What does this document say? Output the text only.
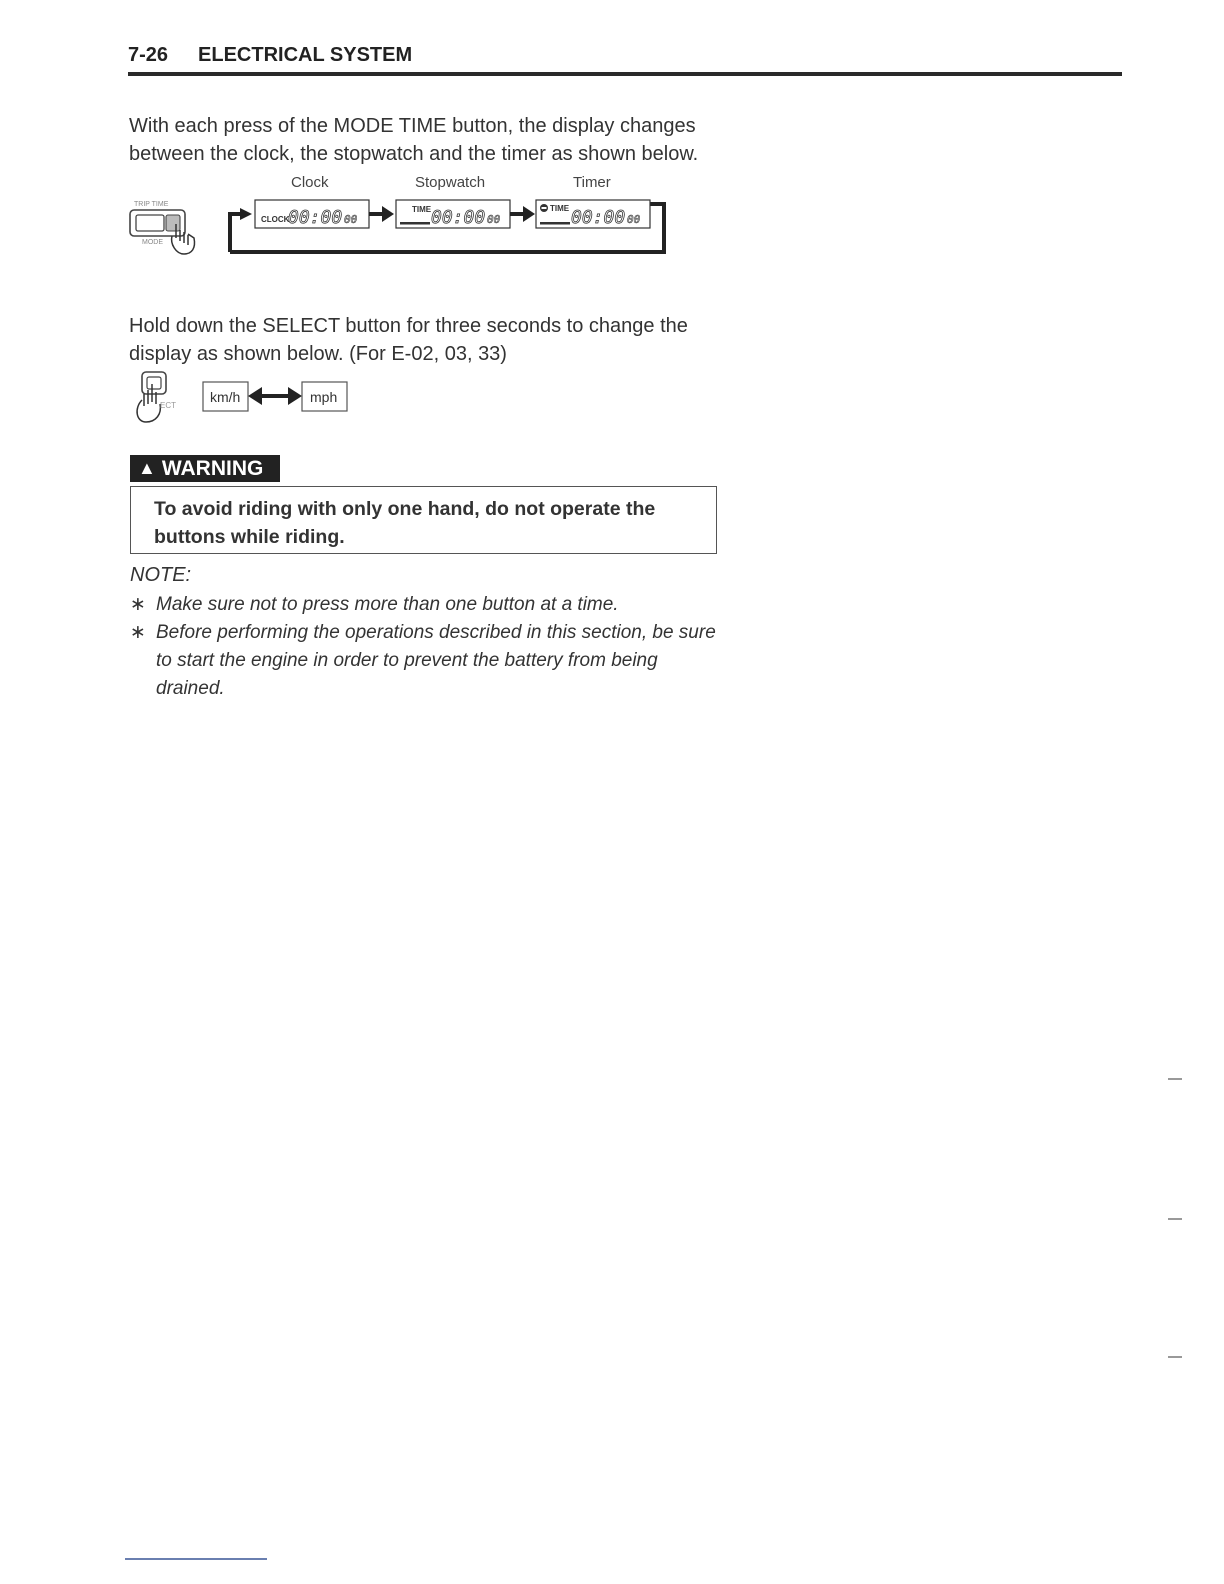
7-26 ELECTRICAL SYSTEM
With each press of the MODE TIME button, the display changes between the clock, the stopwatch and the timer as shown below.
Clock	Stopwatch	Timer
TRIP TIME
MODE
CLOCK
00:00 00
TIME 00:00 00
TIME 00:00 00
Hold down the SELECT button for three seconds to change the display as shown below. (For E-02, 03, 33)
ECT
km/h	mph
▲ WARNING
To avoid riding with only one hand, do not operate the buttons while riding.
NOTE:
∗ Make sure not to press more than one button at a time.
∗ Before performing the operations described in this section, be sure to start the engine in order to prevent the battery from being drained.
